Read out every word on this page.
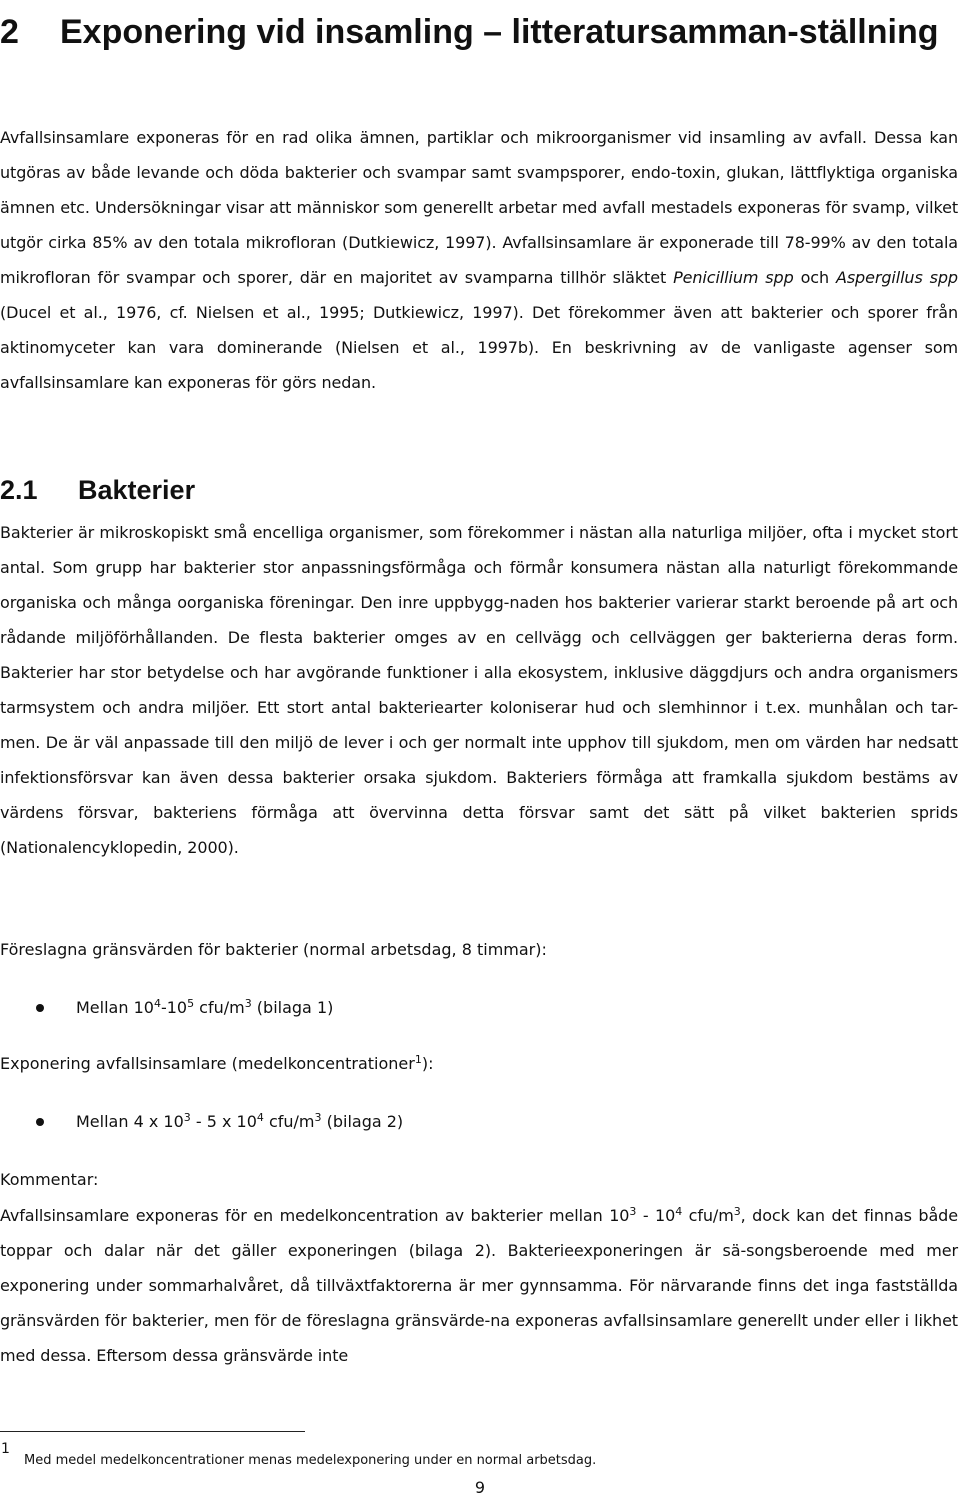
2 Exponering vid insamling – litteratursamman-ställning
Avfallsinsamlare exponeras för en rad olika ämnen, partiklar och mikroorganismer vid insamling av avfall. Dessa kan utgöras av både levande och döda bakterier och svampar samt svampsporer, endo-toxin, glukan, lättflyktiga organiska ämnen etc. Undersökningar visar att människor som generellt arbetar med avfall mestadels exponeras för svamp, vilket utgör cirka 85% av den totala mikrofloran (Dutkiewicz, 1997). Avfallsinsamlare är exponerade till 78-99% av den totala mikrofloran för svampar och sporer, där en majoritet av svamparna tillhör släktet Penicillium spp och Aspergillus spp (Ducel et al., 1976, cf. Nielsen et al., 1995; Dutkiewicz, 1997). Det förekommer även att bakterier och sporer från aktinomyceter kan vara dominerande (Nielsen et al., 1997b). En beskrivning av de vanligaste agenser som avfallsinsamlare kan exponeras för görs nedan.
2.1 Bakterier
Bakterier är mikroskopiskt små encelliga organismer, som förekommer i nästan alla naturliga miljöer, ofta i mycket stort antal. Som grupp har bakterier stor anpassningsförmåga och förmår konsumera nästan alla naturligt förekommande organiska och många oorganiska föreningar. Den inre uppbygg-naden hos bakterier varierar starkt beroende på art och rådande miljöförhållanden. De flesta bakterier omges av en cellvägg och cellväggen ger bakterierna deras form. Bakterier har stor betydelse och har avgörande funktioner i alla ekosystem, inklusive däggdjurs och andra organismers tarmsystem och andra miljöer. Ett stort antal bakteriearter koloniserar hud och slemhinnor i t.ex. munhålan och tar-men. De är väl anpassade till den miljö de lever i och ger normalt inte upphov till sjukdom, men om värden har nedsatt infektionsförsvar kan även dessa bakterier orsaka sjukdom. Bakteriers förmåga att framkalla sjukdom bestäms av värdens försvar, bakteriens förmåga att övervinna detta försvar samt det sätt på vilket bakterien sprids (Nationalencyklopedin, 2000).
Föreslagna gränsvärden för bakterier (normal arbetsdag, 8 timmar):
Mellan $10^4-10^5$ cfu/$m^3$ (bilaga 1)
Exponering avfallsinsamlare (medelkoncentrationer$^1$):
Mellan 4 x $10^3 - 5$ x $10^4$ cfu/$m^3$ (bilaga 2)
Kommentar:
Avfallsinsamlare exponeras för en medelkoncentration av bakterier mellan $10^3 - 10^4$ cfu/$m^3$, dock kan det finnas både toppar och dalar när det gäller exponeringen (bilaga 2). Bakterieexponeringen är sä-songsberoende med mer exponering under sommarhalvåret, då tillväxtfaktorerna är mer gynnsamma. För närvarande finns det inga fastställda gränsvärden för bakterier, men för de föreslagna gränsvärde-na exponeras avfallsinsamlare generellt under eller i likhet med dessa. Eftersom dessa gränsvärde inte
1
Med medel medelkoncentrationer menas medelexponering under en normal arbetsdag.
9
